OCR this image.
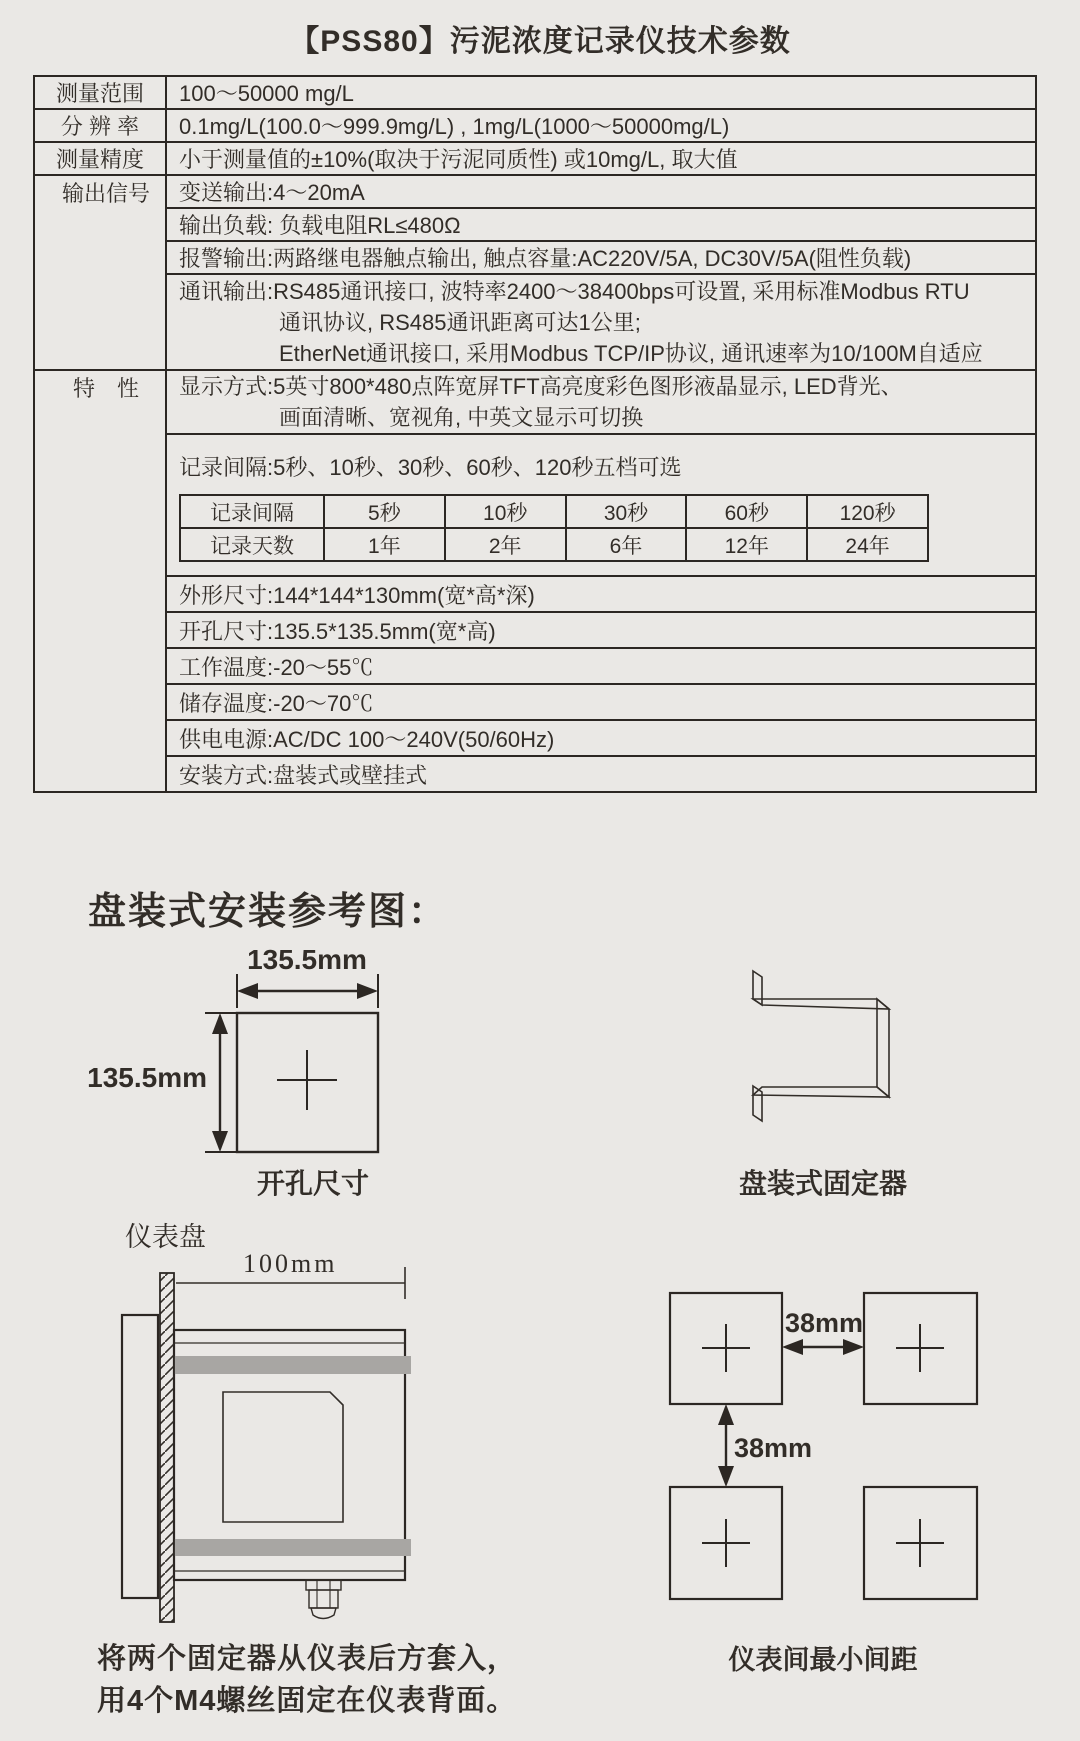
【PSS80】污泥浓度记录仪技术参数
测量范围	100～50000 mg/L
分 辨 率	0.1mg/L(100.0～999.9mg/L) , 1mg/L(1000～50000mg/L)
测量精度	小于测量值的±10%(取决于污泥同质性) 或10mg/L, 取大值
输出信号	变送输出:4～20mA
输出负载: 负载电阻RL≤480Ω
报警输出:两路继电器触点输出, 触点容量:AC220V/5A, DC30V/5A(阻性负载)

通讯输出:RS485通讯接口, 波特率2400～38400bps可设置, 采用标准Modbus RTU
通讯协议, RS485通讯距离可达1公里;
EtherNet通讯接口, 采用Modbus TCP/IP协议, 通讯速率为10/100M自适应

特　性	显示方式:5英寸800*480点阵宽屏TFT高亮度彩色图形液晶显示, LED背光、
画面清晰、宽视角, 中英文显示可切换

记录间隔:5秒、10秒、30秒、60秒、120秒五档可选
记录间隔	5秒	10秒	30秒	60秒	120秒
记录天数	1年	2年	6年	12年	24年

外形尺寸:144*144*130mm(宽*高*深)
开孔尺寸:135.5*135.5mm(宽*高)
工作温度:-20～55℃
储存温度:-20～70℃
供电电源:AC/DC 100～240V(50/60Hz)
安装方式:盘装式或壁挂式
盘装式安装参考图：
135.5mm
135.5mm
开孔尺寸	盘装式固定器
仪表盘
100mm
38mm
38mm
仪表间最小间距
将两个固定器从仪表后方套入，
用4个M4螺丝固定在仪表背面。
